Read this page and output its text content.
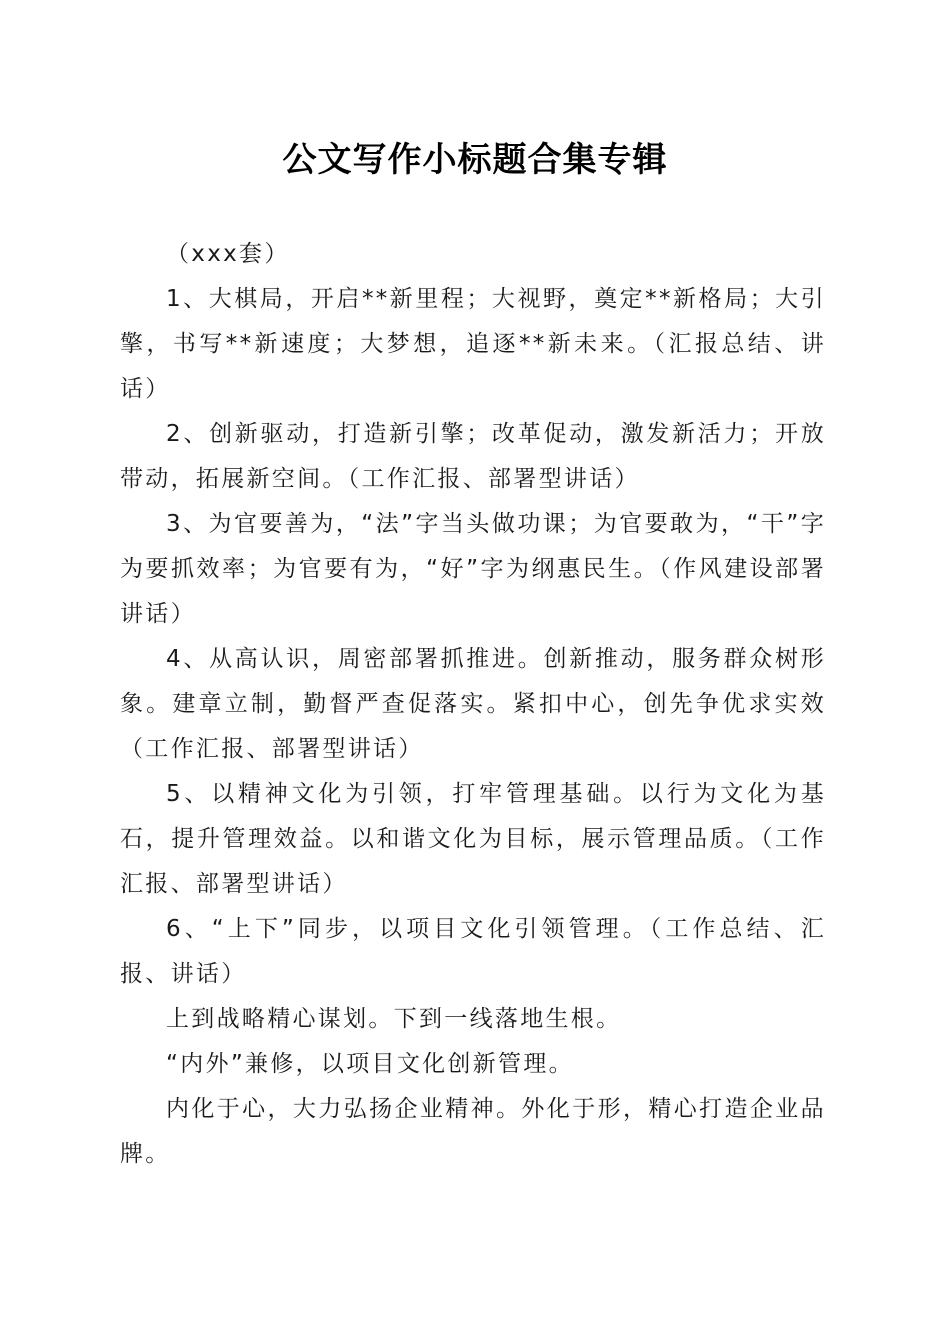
公文写作小标题合集专辑

（xxx套）

1、大棋局，开启**新里程；大视野，奠定**新格局；大引擎，书写**新速度；大梦想，追逐**新未来。（汇报总结、讲话）

2、创新驱动，打造新引擎；改革促动，激发新活力；开放带动，拓展新空间。（工作汇报、部署型讲话）

3、为官要善为，“法”字当头做功课；为官要敢为，“干”字为要抓效率；为官要有为，“好”字为纲惠民生。（作风建设部署讲话）

4、从高认识，周密部署抓推进。创新推动，服务群众树形象。建章立制，勤督严查促落实。紧扣中心，创先争优求实效（工作汇报、部署型讲话）

5、以精神文化为引领，打牢管理基础。以行为文化为基石，提升管理效益。以和谐文化为目标，展示管理品质。（工作汇报、部署型讲话）

6、“上下”同步，以项目文化引领管理。（工作总结、汇报、讲话）

上到战略精心谋划。下到一线落地生根。

“内外”兼修，以项目文化创新管理。

内化于心，大力弘扬企业精神。外化于形，精心打造企业品牌。
